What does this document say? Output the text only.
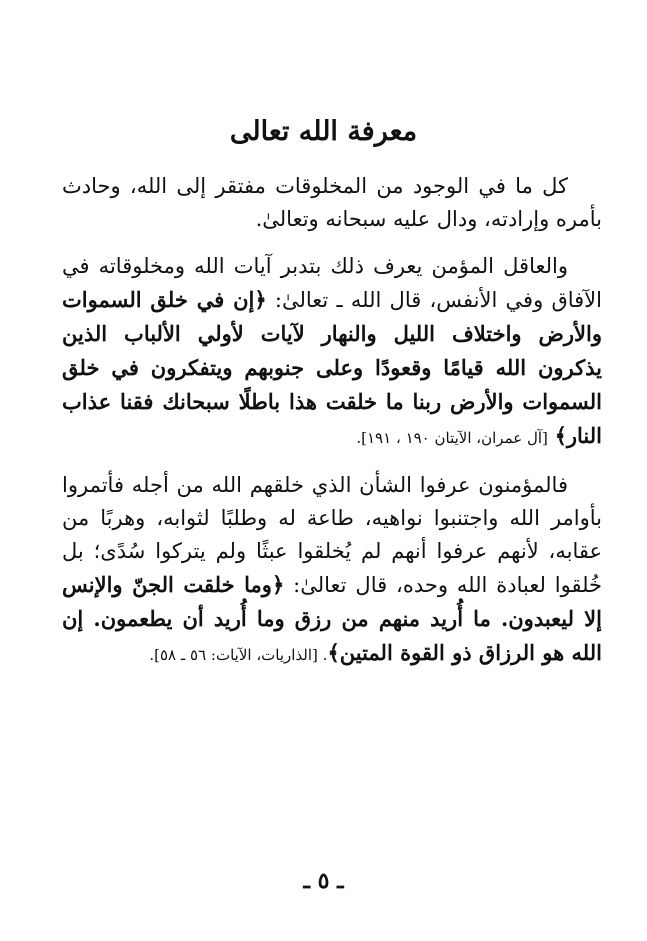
معرفة الله تعالى

كل ما في الوجود من المخلوقات مفتقر إلى الله، وحادث بأمره وإرادته، ودال عليه سبحانه وتعالىٰ.

والعاقل المؤمن يعرف ذلك بتدبر آيات الله ومخلوقاته في الآفاق وفي الأنفس، قال الله ـ تعالىٰ: ﴿إن في خلق السموات والأرض واختلاف الليل والنهار لآيات لأولي الألباب الذين يذكرون الله قيامًا وقعودًا وعلى جنوبهم ويتفكرون في خلق السموات والأرض ربنا ما خلقت هذا باطلًا سبحانك فقنا عذاب النار﴾ [آل عمران، الآيتان ١٩٠ ، ١٩١].

فالمؤمنون عرفوا الشأن الذي خلقهم الله من أجله فأتمروا بأوامر الله واجتنبوا نواهيه، طاعة له وطلبًا لثوابه، وهربًا من عقابه، لأنهم عرفوا أنهم لم يُخلقوا عبثًا ولم يتركوا سُدًى؛ بل خُلقوا لعبادة الله وحده، قال تعالىٰ: ﴿وما خلقت الجنّ والإنس إلا ليعبدون. ما أُريد منهم من رزق وما أُريد أن يطعمون. إن الله هو الرزاق ذو القوة المتين﴾. [الذاريات، الآيات: ٥٦ ـ ٥٨].

ـ ٥ ـ
